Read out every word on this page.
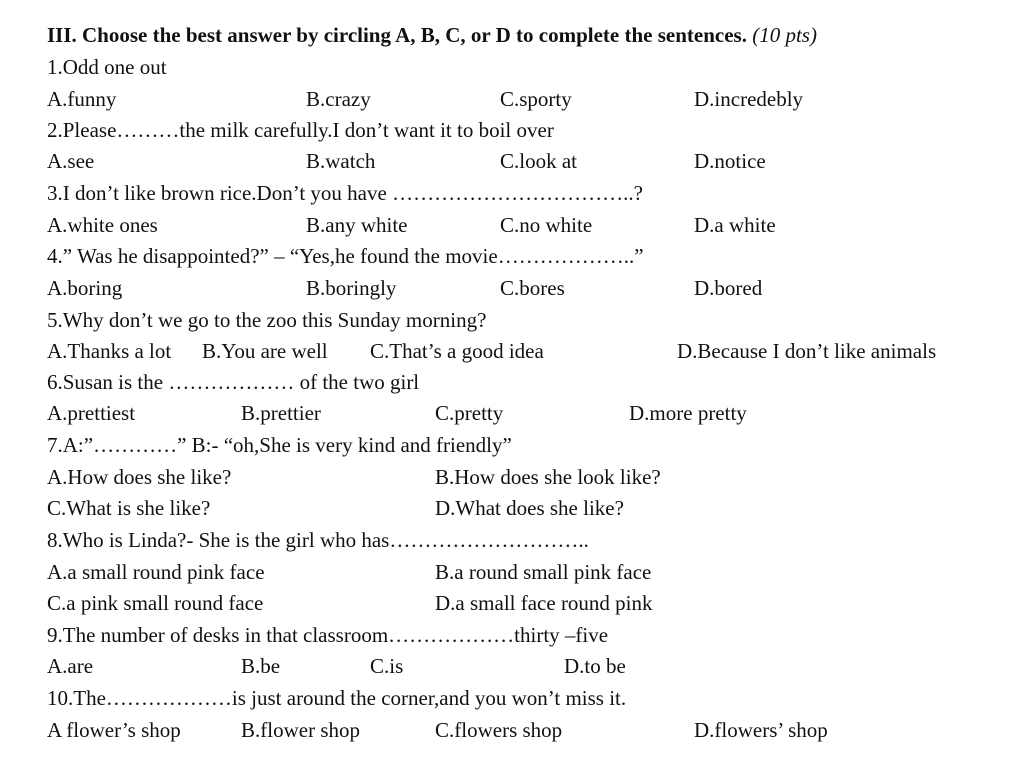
III. Choose the best answer by circling A, B, C, or D to complete the sentences. (10 pts)
1.Odd one out
A.funny	B.crazy	C.sporty	D.incredebly
2.Please………the milk carefully.I don’t want it to boil over
A.see	B.watch	C.look at	D.notice
3.I don’t like brown rice.Don’t you have ……………………………..?
A.white ones	B.any white	C.no white	D.a white
4.” Was he disappointed?” – “Yes,he found the movie………………..”
A.boring	B.boringly	C.bores	D.bored
5.Why don’t we go to the zoo this Sunday morning?
A.Thanks a lot B.You are well C.That’s a good idea	D.Because I don’t like animals
6.Susan is the ……………… of the two girl
A.prettiest	B.prettier	C.pretty	D.more pretty
7.A:”…………” B:- “oh,She is very kind and friendly”
A.How does she like?	B.How does she look like?
C.What is she like?	D.What does she like?
8.Who is Linda?- She is the girl who has………………………..
A.a small round pink face	B.a round small pink face
C.a pink small round face	D.a small face round pink
9.The number of desks in that classroom………………thirty –five
A.are	B.be	C.is	D.to be
10.The………………is just around the corner,and you won’t miss it.
A flower’s shop	B.flower shop	C.flowers shop	D.flowers’ shop
